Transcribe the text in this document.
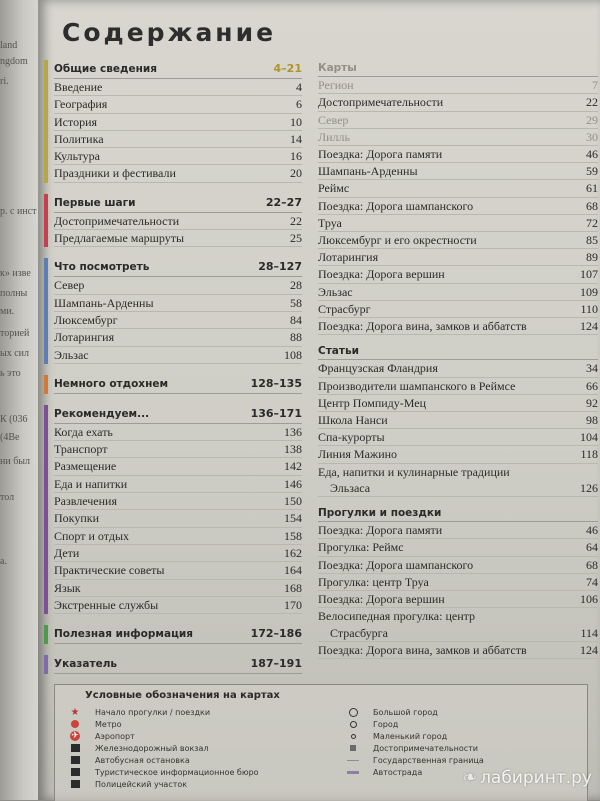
land
ngdom
ri.
р. с инст
к» изве
полны
ми.
торией
ых сил
ь это
К (036
(4Ве
ни был
тол
a.
Содержание
Общие сведения	4–21
Введение	4
География	6
История	10
Политика	14
Культура	16
Праздники и фестивали	20
Первые шаги	22–27
Достопримечательности	22
Предлагаемые маршруты	25
Что посмотреть	28–127
Север	28
Шампань-Арденны	58
Люксембург	84
Лотарингия	88
Эльзас	108
Немного отдохнем	128–135
Рекомендуем...	136–171
Когда ехать	136
Транспорт	138
Размещение	142
Еда и напитки	146
Развлечения	150
Покупки	154
Спорт и отдых	158
Дети	162
Практические советы	164
Язык	168
Экстренные службы	170
Полезная информация	172–186
Указатель	187–191
Карты
Регион	7
Достопримечательности	22
Север	29
Лилль	30
Поездка: Дорога памяти	46
Шампань-Арденны	59
Реймс	61
Поездка: Дорога шампанского	68
Труа	72
Люксембург и его окрестности	85
Лотарингия	89
Поездка: Дорога вершин	107
Эльзас	109
Страсбург	110
Поездка: Дорога вина, замков и аббатств	124
Статьи
Французская Фландрия	34
Производители шампанского в Реймсе	66
Центр Помпиду-Мец	92
Школа Нанси	98
Спа-курорты	104
Линия Мажино	118
Еда, напитки и кулинарные традиции
Эльзаса	126
Прогулки и поездки
Поездка: Дорога памяти	46
Прогулка: Реймс	64
Поездка: Дорога шампанского	68
Прогулка: центр Труа	74
Поездка: Дорога вершин	106
Велосипедная прогулка: центр
Страсбурга	114
Поездка: Дорога вина, замков и аббатств	124
Условные обозначения на картах
★ Начало прогулки / поездки
Метро
✈ Аэропорт
Железнодорожный вокзал
Автобусная остановка
Туристическое информационное бюро
Полицейский участок
Большой город
Город
Маленький город
Достопримечательности
Государственная граница
Автострада ❧ лабиринт.ру
